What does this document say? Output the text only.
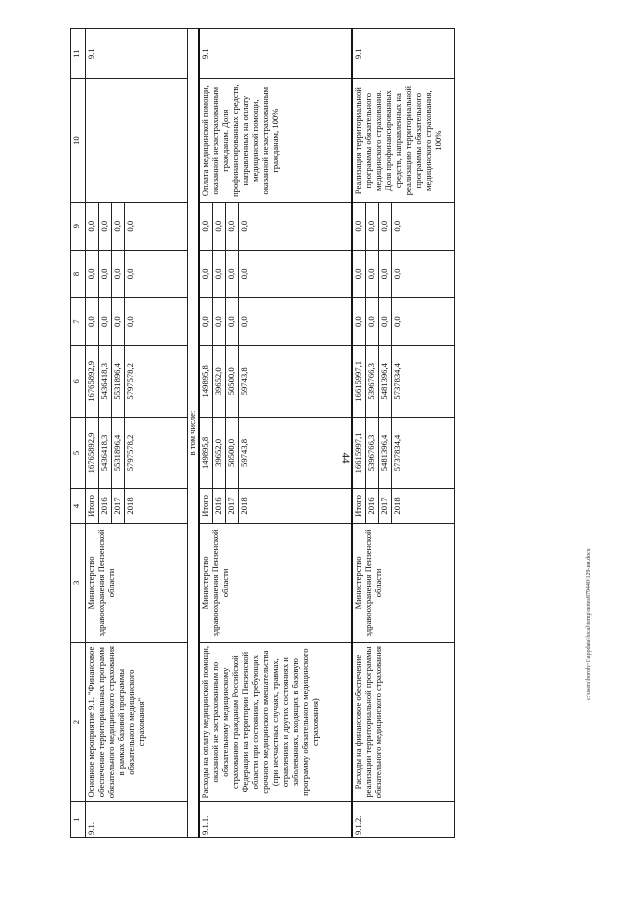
44
c:\users\boroh~1\appdata\local\temp\notes879440\129-ия.docx
1	2	3	4	5	6	7	8	9	10	11
9.1.	Основное мероприятие 9.1. "Финансовое обеспечение территориальных программ обязательного медицинского страхования в рамках базовой программы обязательного медицинского страхования"	Министерство здравоохранения Пензенской области	Итого	16765892,9	16765892,9	0,0	0,0	0,0		9.1
			2016	5436418,3	5436418,3	0,0	0,0	0,0		
			2017	5531896,4	5531896,4	0,0	0,0	0,0		
			2018	5797578,2	5797578,2	0,0	0,0	0,0		
в том числе:										
9.1.1.	Расходы на оплату медицинской помощи, оказанной не застрахованным по обязательному медицинскому страхованию гражданам Российской Федерации на территории Пензенской области при состояниях, требующих срочного медицинского вмешательства (при несчастных случаях, травмах, отравлениях и других состояниях и заболеваниях, входящих в базовую программу обязательного медицинского страхования)	Министерство здравоохранения Пензенской области	Итого	149895,8	149895,8	0,0	0,0	0,0	Оплата медицинской помощи, оказанной незастрахованным гражданам. Доля профинансированных средств, направленных на оплату медицинской помощи, оказанной незастрахованным гражданам, 100%	9.1
			2016	39652,0	39652,0	0,0	0,0	0,0		
			2017	50500,0	50500,0	0,0	0,0	0,0		
			2018	59743,8	59743,8	0,0	0,0	0,0		
9.1.2.	Расходы на финансовое обеспечение реализации территориальной программы обязательного медицинского страхования	Министерство здравоохранения Пензенской области	Итого	16615997,1	16615997,1	0,0	0,0	0,0	Реализация территориальной программы обязательного медицинского страхования. Доля профинансированных средств, направленных на реализацию территориальной программы обязательного медицинского страхования, 100%	9.1
			2016	5396766,3	5396766,3	0,0	0,0	0,0		
			2017	5481396,4	5481396,4	0,0	0,0	0,0		
			2018	5737834,4	5737834,4	0,0	0,0	0,0		
